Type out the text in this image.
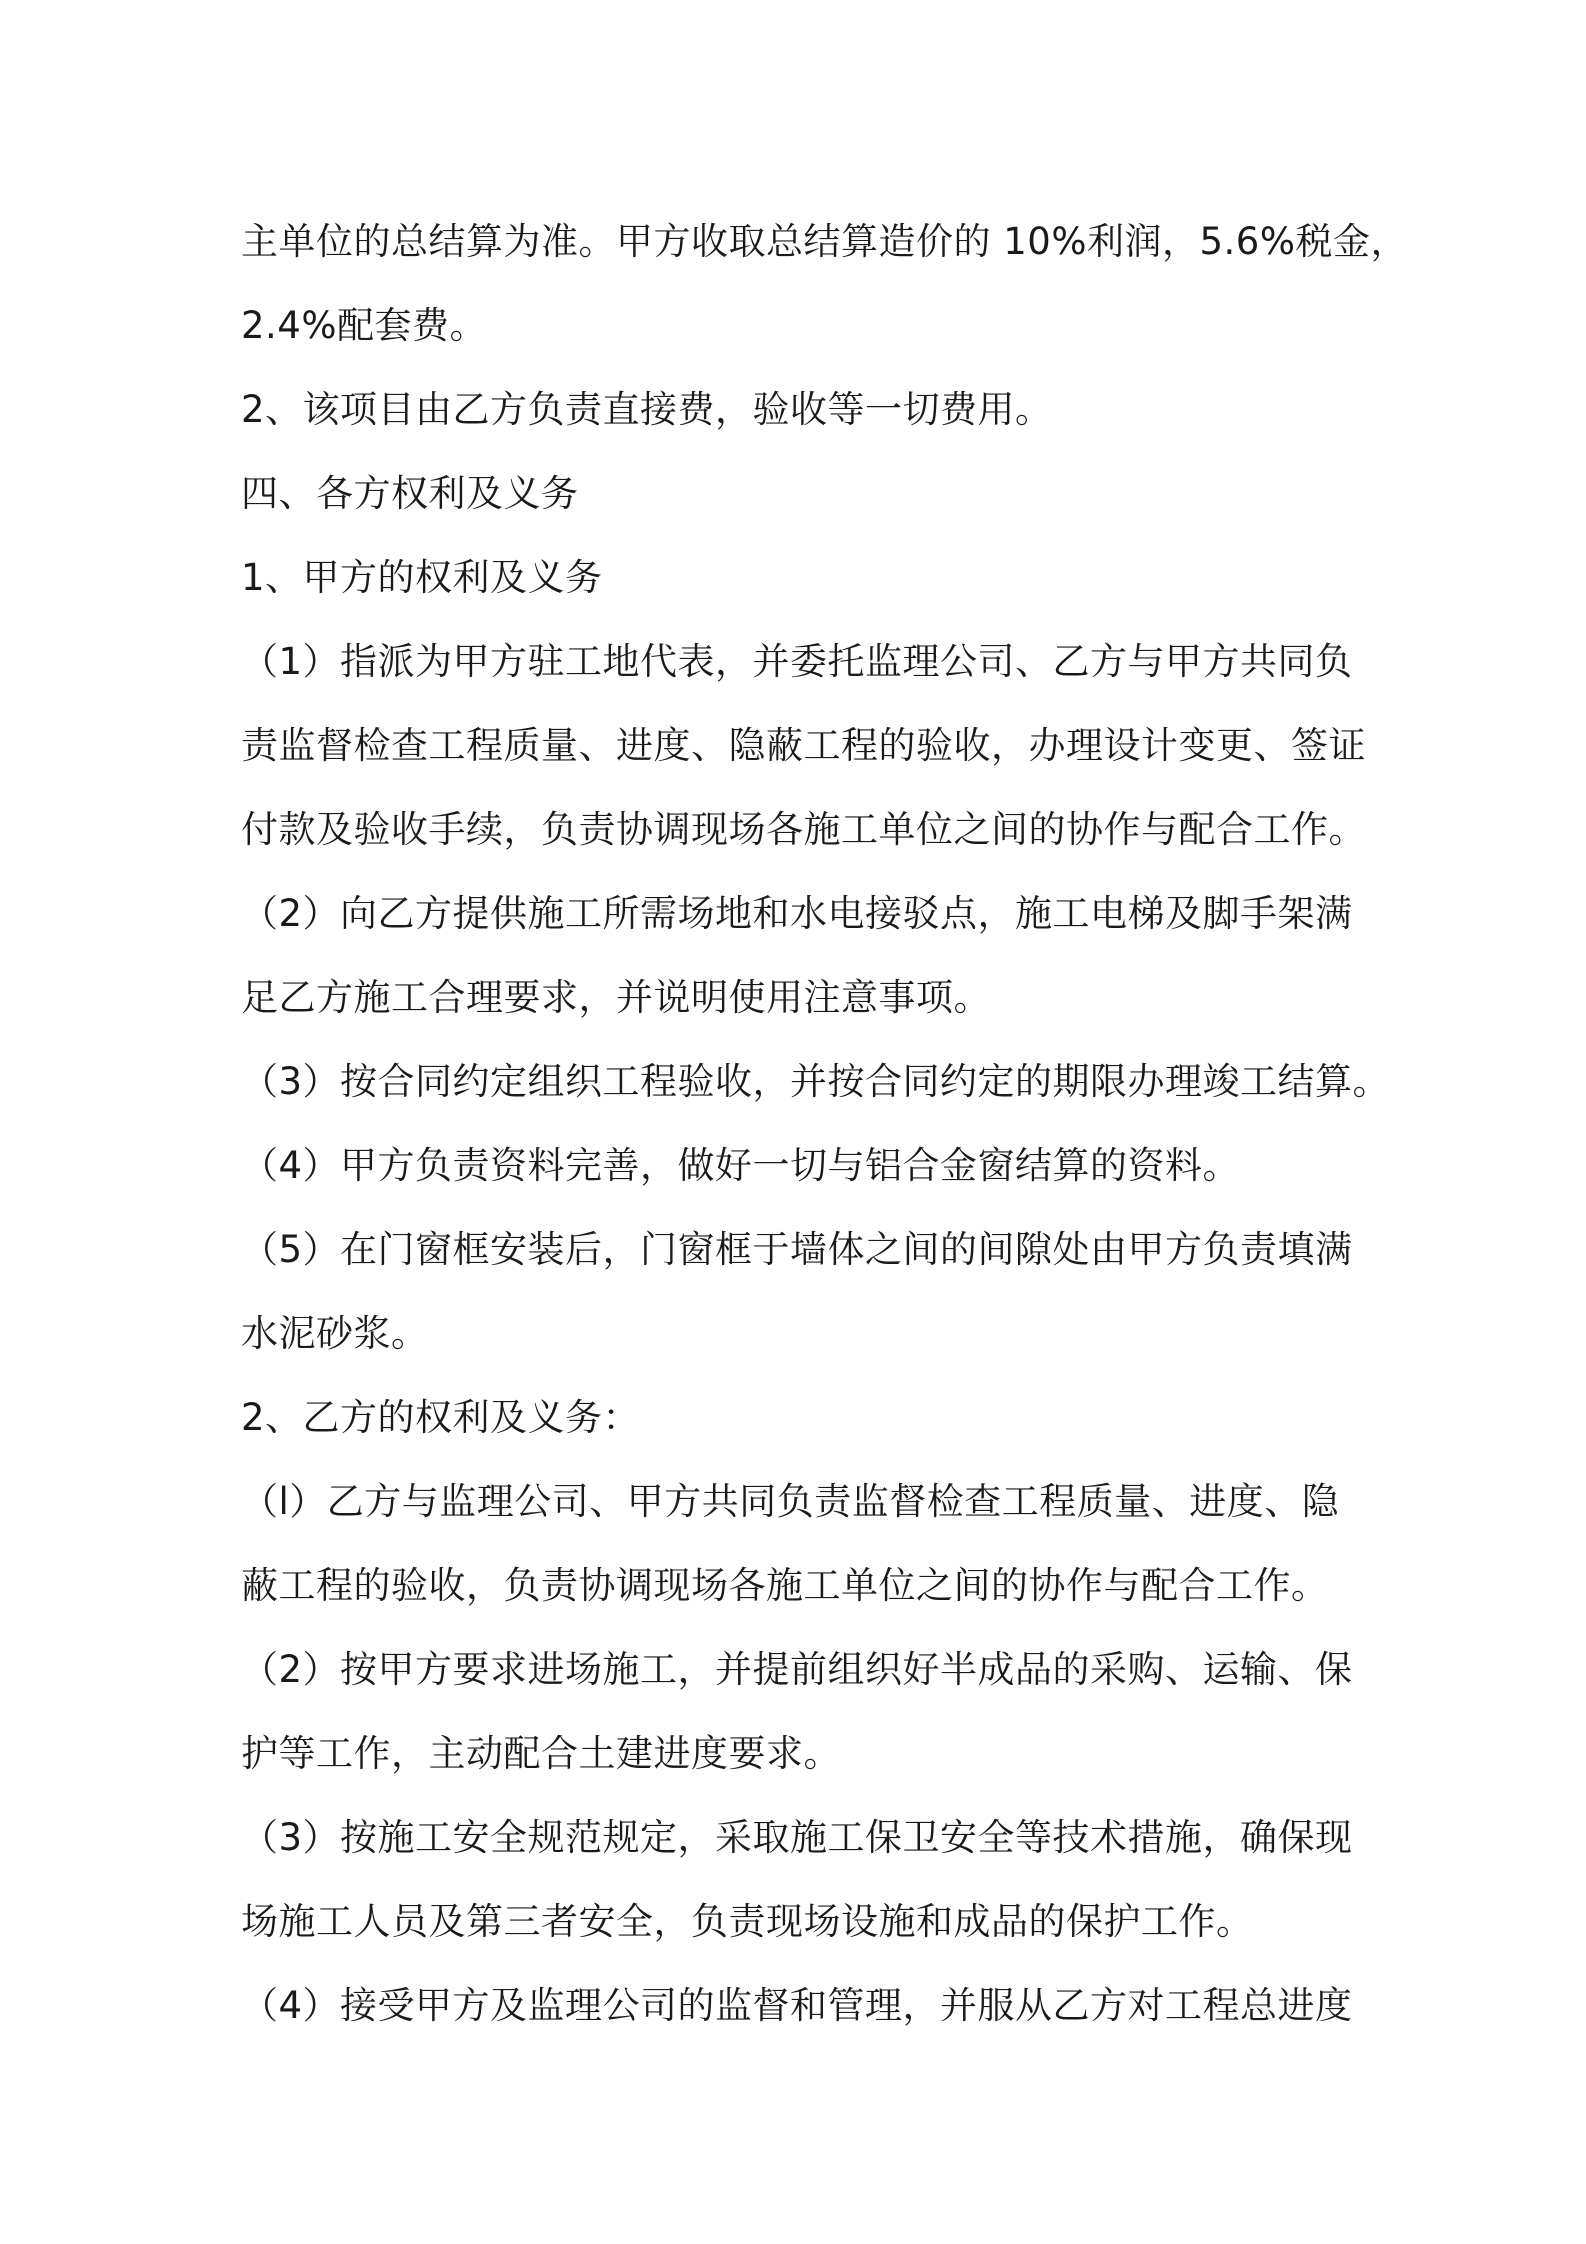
主单位的总结算为准。甲方收取总结算造价的 10%利润，5.6%税金，
2.4%配套费。
2、该项目由乙方负责直接费，验收等一切费用。
四、各方权利及义务
1、甲方的权利及义务
（1）指派为甲方驻工地代表，并委托监理公司、乙方与甲方共同负
责监督检查工程质量、进度、隐蔽工程的验收，办理设计变更、签证
付款及验收手续，负责协调现场各施工单位之间的协作与配合工作。
（2）向乙方提供施工所需场地和水电接驳点，施工电梯及脚手架满
足乙方施工合理要求，并说明使用注意事项。
（3）按合同约定组织工程验收，并按合同约定的期限办理竣工结算。
（4）甲方负责资料完善，做好一切与铝合金窗结算的资料。
（5）在门窗框安装后，门窗框于墙体之间的间隙处由甲方负责填满
水泥砂浆。
2、乙方的权利及义务：
（l）乙方与监理公司、甲方共同负责监督检查工程质量、进度、隐
蔽工程的验收，负责协调现场各施工单位之间的协作与配合工作。
（2）按甲方要求进场施工，并提前组织好半成品的采购、运输、保
护等工作，主动配合土建进度要求。
（3）按施工安全规范规定，采取施工保卫安全等技术措施，确保现
场施工人员及第三者安全，负责现场设施和成品的保护工作。
（4）接受甲方及监理公司的监督和管理，并服从乙方对工程总进度
